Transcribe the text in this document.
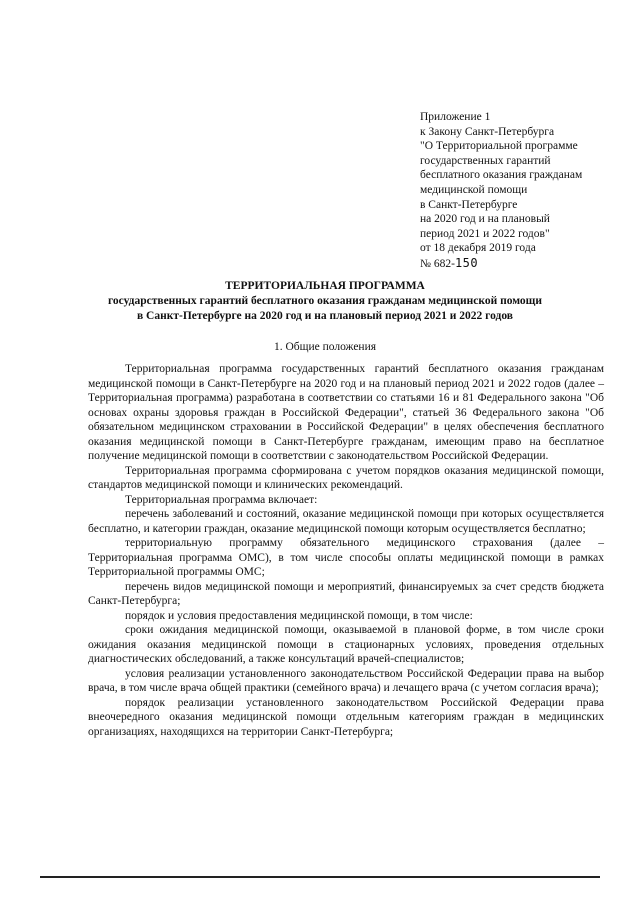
Приложение 1
к Закону Санкт-Петербурга
"О Территориальной программе
государственных гарантий
бесплатного оказания гражданам
медицинской помощи
в Санкт-Петербурге
на 2020 год и на плановый
период 2021 и 2022 годов"
от 18 декабря 2019 года
№ 682-150
ТЕРРИТОРИАЛЬНАЯ ПРОГРАММА
государственных гарантий бесплатного оказания гражданам медицинской помощи
в Санкт-Петербурге на 2020 год и на плановый период 2021 и 2022 годов
1. Общие положения

Территориальная программа государственных гарантий бесплатного оказания гражданам медицинской помощи в Санкт-Петербурге на 2020 год и на плановый период 2021 и 2022 годов (далее – Территориальная программа) разработана в соответствии со статьями 16 и 81 Федерального закона "Об основах охраны здоровья граждан в Российской Федерации", статьей 36 Федерального закона "Об обязательном медицинском страховании в Российской Федерации" в целях обеспечения бесплатного оказания медицинской помощи в Санкт-Петербурге гражданам, имеющим право на бесплатное получение медицинской помощи в соответствии с законодательством Российской Федерации.

Территориальная программа сформирована с учетом порядков оказания медицинской помощи, стандартов медицинской помощи и клинических рекомендаций.

Территориальная программа включает:

перечень заболеваний и состояний, оказание медицинской помощи при которых осуществляется бесплатно, и категории граждан, оказание медицинской помощи которым осуществляется бесплатно;

территориальную программу обязательного медицинского страхования (далее – Территориальная программа ОМС), в том числе способы оплаты медицинской помощи в рамках Территориальной программы ОМС;

перечень видов медицинской помощи и мероприятий, финансируемых за счет средств бюджета Санкт-Петербурга;

порядок и условия предоставления медицинской помощи, в том числе:

сроки ожидания медицинской помощи, оказываемой в плановой форме, в том числе сроки ожидания оказания медицинской помощи в стационарных условиях, проведения отдельных диагностических обследований, а также консультаций врачей-специалистов;

условия реализации установленного законодательством Российской Федерации права на выбор врача, в том числе врача общей практики (семейного врача) и лечащего врача (с учетом согласия врача);

порядок реализации установленного законодательством Российской Федерации права внеочередного оказания медицинской помощи отдельным категориям граждан в медицинских организациях, находящихся на территории Санкт-Петербурга;
